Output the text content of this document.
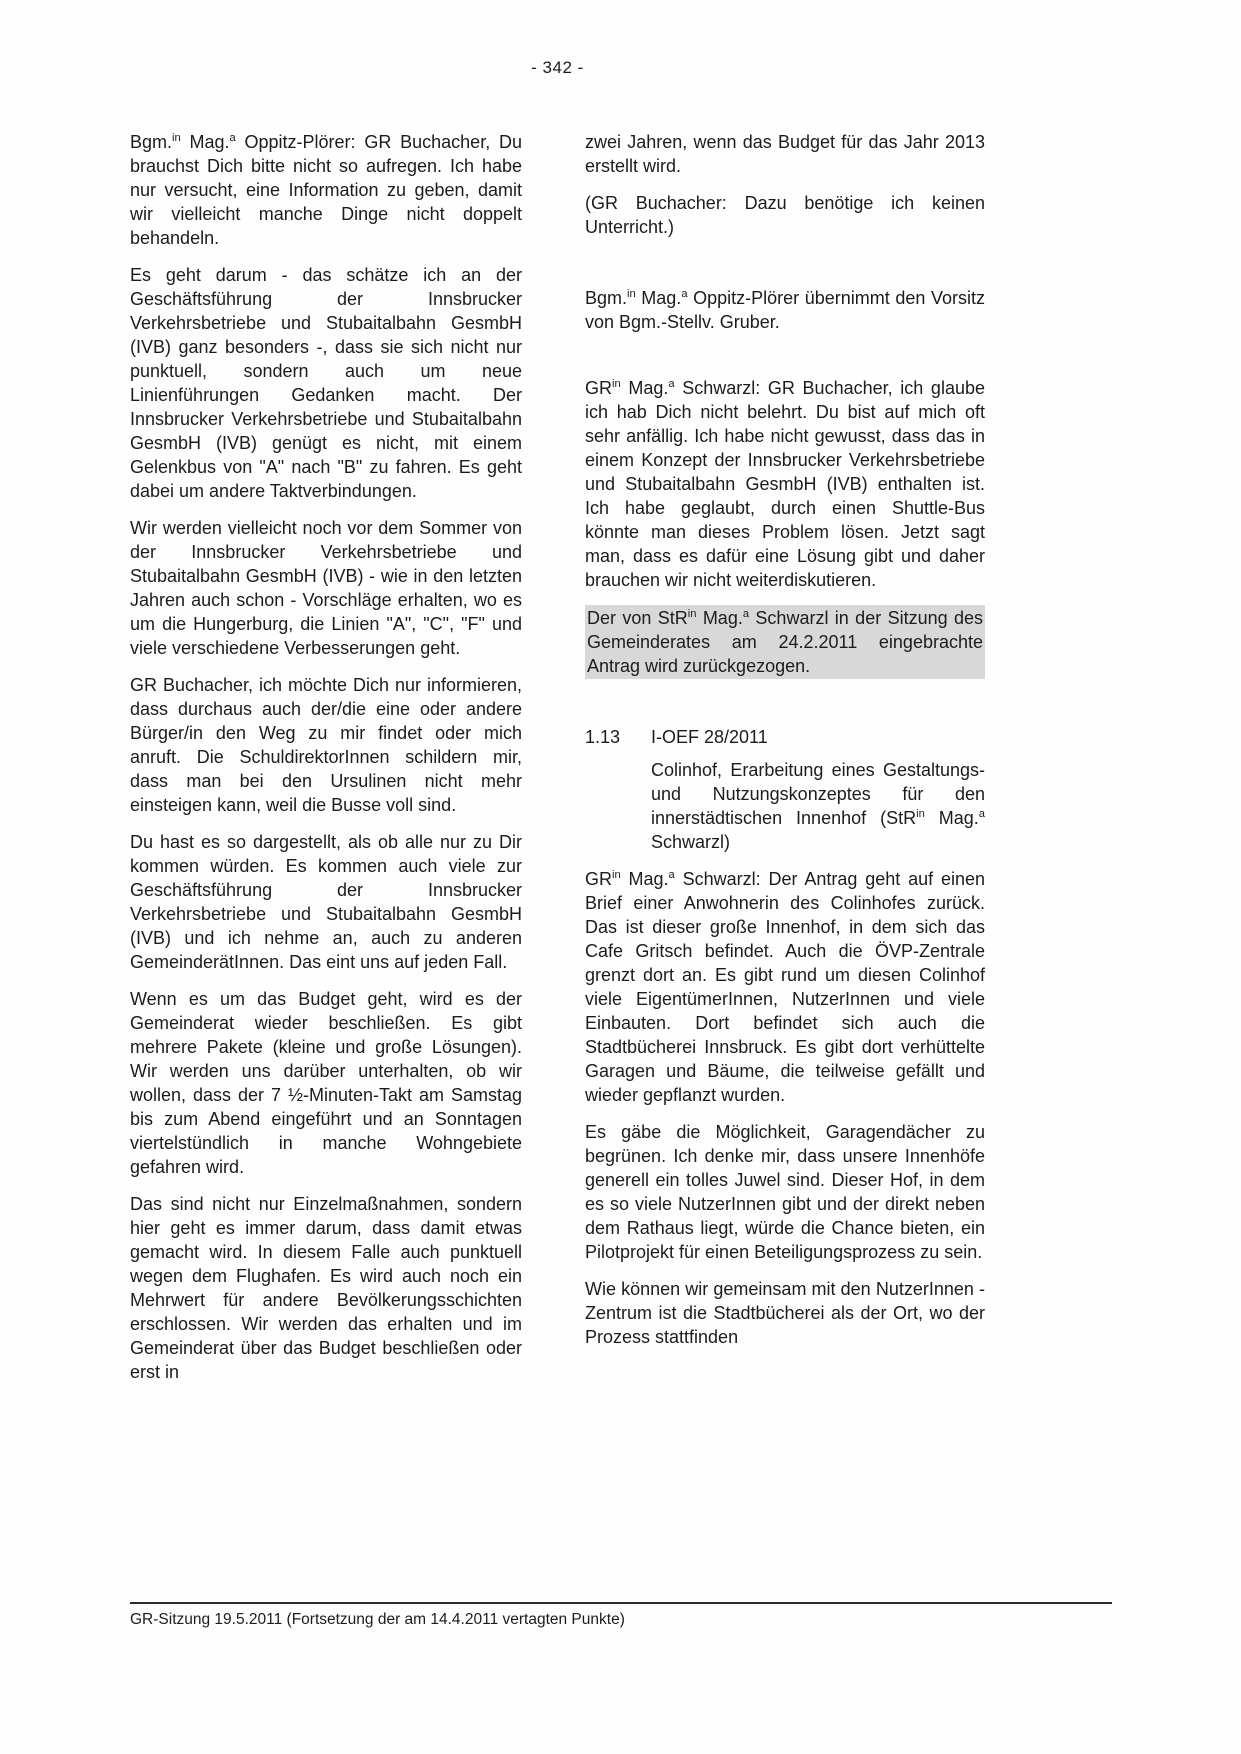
- 342 -

Bgm.$^{in}$ Mag.$^a$ Oppitz-Plörer: GR Buchacher, Du brauchst Dich bitte nicht so aufregen. Ich habe nur versucht, eine Information zu geben, damit wir vielleicht manche Dinge nicht doppelt behandeln.

Es geht darum - das schätze ich an der Geschäftsführung der Innsbrucker Verkehrsbetriebe und Stubaitalbahn GesmbH (IVB) ganz besonders -, dass sie sich nicht nur punktuell, sondern auch um neue Linienführungen Gedanken macht. Der Innsbrucker Verkehrsbetriebe und Stubaitalbahn GesmbH (IVB) genügt es nicht, mit einem Gelenkbus von "A" nach "B" zu fahren. Es geht dabei um andere Taktverbindungen.

Wir werden vielleicht noch vor dem Sommer von der Innsbrucker Verkehrsbetriebe und Stubaitalbahn GesmbH (IVB) - wie in den letzten Jahren auch schon - Vorschläge erhalten, wo es um die Hungerburg, die Linien "A", "C", "F" und viele verschiedene Verbesserungen geht.

GR Buchacher, ich möchte Dich nur informieren, dass durchaus auch der/die eine oder andere Bürger/in den Weg zu mir findet oder mich anruft. Die SchuldirektorInnen schildern mir, dass man bei den Ursulinen nicht mehr einsteigen kann, weil die Busse voll sind.

Du hast es so dargestellt, als ob alle nur zu Dir kommen würden. Es kommen auch viele zur Geschäftsführung der Innsbrucker Verkehrsbetriebe und Stubaitalbahn GesmbH (IVB) und ich nehme an, auch zu anderen GemeinderätInnen. Das eint uns auf jeden Fall.

Wenn es um das Budget geht, wird es der Gemeinderat wieder beschließen. Es gibt mehrere Pakete (kleine und große Lösungen). Wir werden uns darüber unterhalten, ob wir wollen, dass der 7 ½-Minuten-Takt am Samstag bis zum Abend eingeführt und an Sonntagen viertelstündlich in manche Wohngebiete gefahren wird.

Das sind nicht nur Einzelmaßnahmen, sondern hier geht es immer darum, dass damit etwas gemacht wird. In diesem Falle auch punktuell wegen dem Flughafen. Es wird auch noch ein Mehrwert für andere Bevölkerungsschichten erschlossen. Wir werden das erhalten und im Gemeinderat über das Budget beschließen oder erst in

zwei Jahren, wenn das Budget für das Jahr 2013 erstellt wird.

(GR Buchacher: Dazu benötige ich keinen Unterricht.)

Bgm.$^{in}$ Mag.$^a$ Oppitz-Plörer übernimmt den Vorsitz von Bgm.-Stellv. Gruber.

$GR^{in}$ Mag.$^a$ Schwarzl: GR Buchacher, ich glaube ich hab Dich nicht belehrt. Du bist auf mich oft sehr anfällig. Ich habe nicht gewusst, dass das in einem Konzept der Innsbrucker Verkehrsbetriebe und Stubaitalbahn GesmbH (IVB) enthalten ist. Ich habe geglaubt, durch einen Shuttle-Bus könnte man dieses Problem lösen. Jetzt sagt man, dass es dafür eine Lösung gibt und daher brauchen wir nicht weiterdiskutieren.

Der von StR$^{in}$ Mag.$^a$ Schwarzl in der Sitzung des Gemeinderates am 24.2.2011 eingebrachte Antrag wird zurückgezogen.

1.13	I-OEF 28/2011

Colinhof, Erarbeitung eines Gestaltungs- und Nutzungskonzeptes für den innerstädtischen Innenhof (StR$^{in}$ Mag.$^a$ Schwarzl)

$GR^{in}$ Mag.$^a$ Schwarzl: Der Antrag geht auf einen Brief einer Anwohnerin des Colinhofes zurück. Das ist dieser große Innenhof, in dem sich das Cafe Gritsch befindet. Auch die ÖVP-Zentrale grenzt dort an. Es gibt rund um diesen Colinhof viele EigentümerInnen, NutzerInnen und viele Einbauten. Dort befindet sich auch die Stadtbücherei Innsbruck. Es gibt dort verhüttelte Garagen und Bäume, die teilweise gefällt und wieder gepflanzt wurden.

Es gäbe die Möglichkeit, Garagendächer zu begrünen. Ich denke mir, dass unsere Innenhöfe generell ein tolles Juwel sind. Dieser Hof, in dem es so viele NutzerInnen gibt und der direkt neben dem Rathaus liegt, würde die Chance bieten, ein Pilotprojekt für einen Beteiligungsprozess zu sein.

Wie können wir gemeinsam mit den NutzerInnen - Zentrum ist die Stadtbücherei als der Ort, wo der Prozess stattfinden

GR-Sitzung 19.5.2011 (Fortsetzung der am 14.4.2011 vertagten Punkte)
